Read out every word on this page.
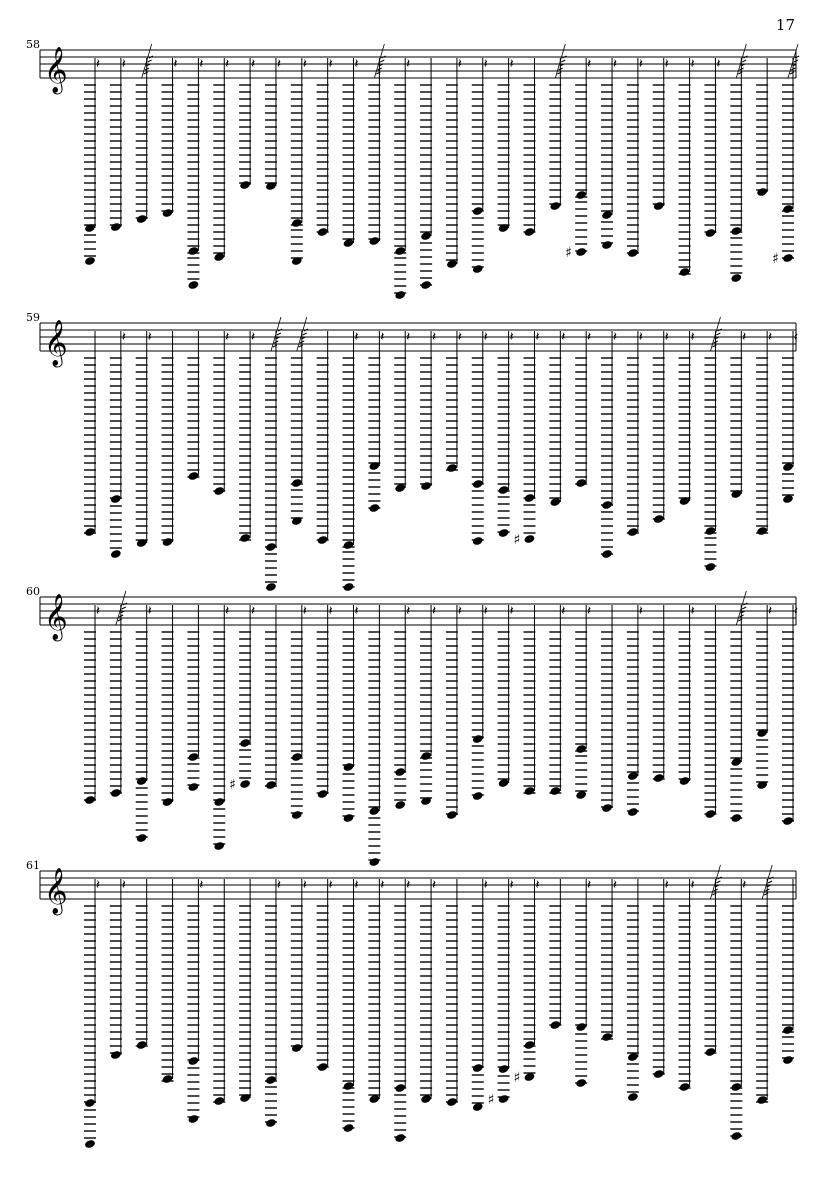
17
58
𝄞 𝄽 𝄽	𝄽 𝄽 𝄽 𝄽 𝄽 𝄽 𝄽 𝄽	𝄽	𝄽 𝄽 𝄽
♯
𝄽 𝄽 𝄽 𝄽 𝄽 𝄽
♯
59
𝄞	𝄽 𝄽	𝄽 𝄽	𝄽 𝄽 𝄽 𝄽 𝄽 𝄽 𝄽
♯
𝄽 𝄽 𝄽 𝄽 𝄽 𝄽 𝄽	𝄽 𝄽 𝄽
60
𝄞 𝄽	𝄽	𝄽
♯
𝄽	𝄽 𝄽 𝄽	𝄽 𝄽 𝄽 𝄽 𝄽	𝄽 𝄽	𝄽	𝄽	𝄽 𝄽
61
𝄞 𝄽 𝄽	𝄽	𝄽 𝄽 𝄽 𝄽 𝄽 𝄽 𝄽	𝄽
♯
𝄽
♯
𝄽	𝄽 𝄽	𝄽 𝄽	𝄽
